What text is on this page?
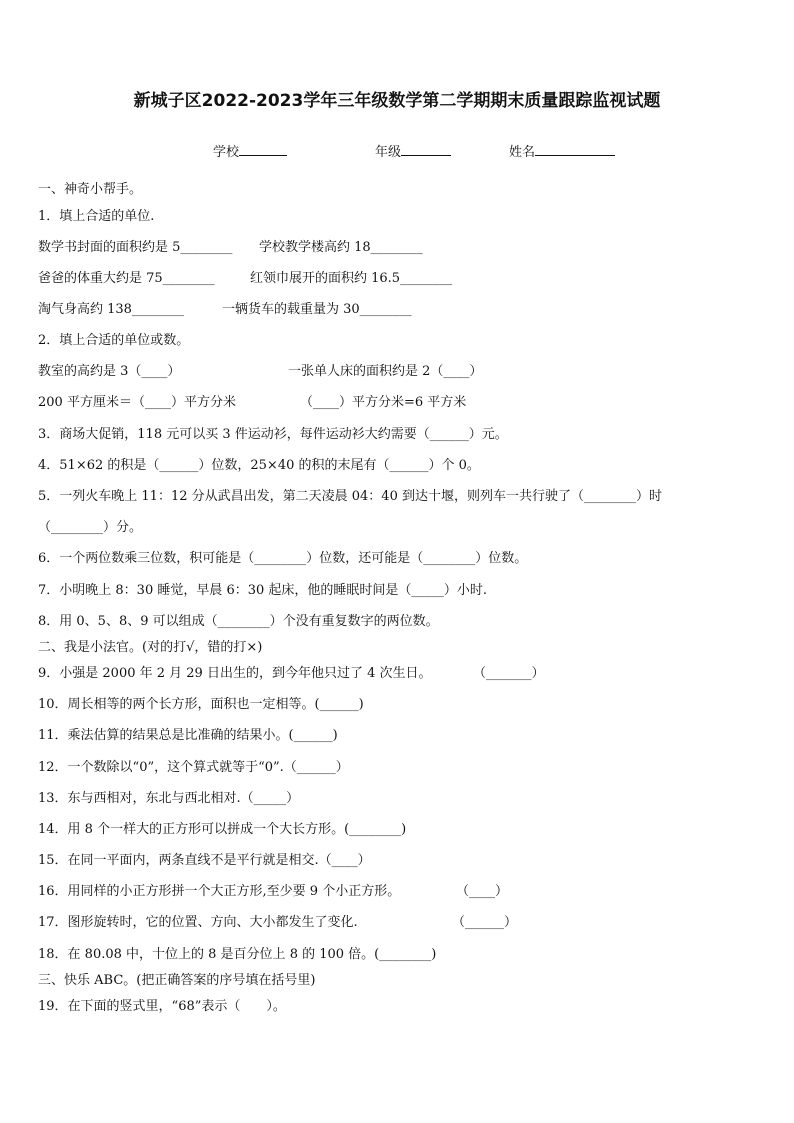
新城子区2022-2023学年三年级数学第二学期期末质量跟踪监视试题
学校	年级	姓名
一、神奇小帮手。
1．填上合适的单位.
数学书封面的面积约是 5________ 学校教学楼高约 18________
爸爸的体重大约是 75________	红领巾展开的面积约 16.5________
淘气身高约 138________	一辆货车的载重量为 30________
2．填上合适的单位或数。
教室的高约是 3（____）	一张单人床的面积约是 2（____）
200 平方厘米＝（____）平方分米	（____）平方分米=6 平方米
3．商场大促销，118 元可以买 3 件运动衫，每件运动衫大约需要（______）元。
4．51×62 的积是（______）位数，25×40 的积的末尾有（______）个 0。
5．一列火车晚上 11：12 分从武昌出发，第二天凌晨 04：40 到达十堰，则列车一共行驶了（________）时
（________）分。
6．一个两位数乘三位数，积可能是（________）位数，还可能是（________）位数。
7．小明晚上 8：30 睡觉，早晨 6：30 起床，他的睡眠时间是（_____）小时.
8．用 0、5、8、9 可以组成（________）个没有重复数字的两位数。
二、我是小法官。(对的打√，错的打×)
9．小强是 2000 年 2 月 29 日出生的，到今年他只过了 4 次生日。	（_______）
10．周长相等的两个长方形，面积也一定相等。(______)
11．乘法估算的结果总是比准确的结果小。(______)
12．一个数除以“0”，这个算式就等于“0”.（______）
13．东与西相对，东北与西北相对.（_____）
14．用 8 个一样大的正方形可以拼成一个大长方形。(________)
15．在同一平面内，两条直线不是平行就是相交.（____）
16．用同样的小正方形拼一个大正方形,至少要 9 个小正方形。	（____）
17．图形旋转时，它的位置、方向、大小都发生了变化.	（______）
18．在 80.08 中，十位上的 8 是百分位上 8 的 100 倍。(________)
三、快乐 ABC。(把正确答案的序号填在括号里)
19．在下面的竖式里，“68”表示（　　）。
